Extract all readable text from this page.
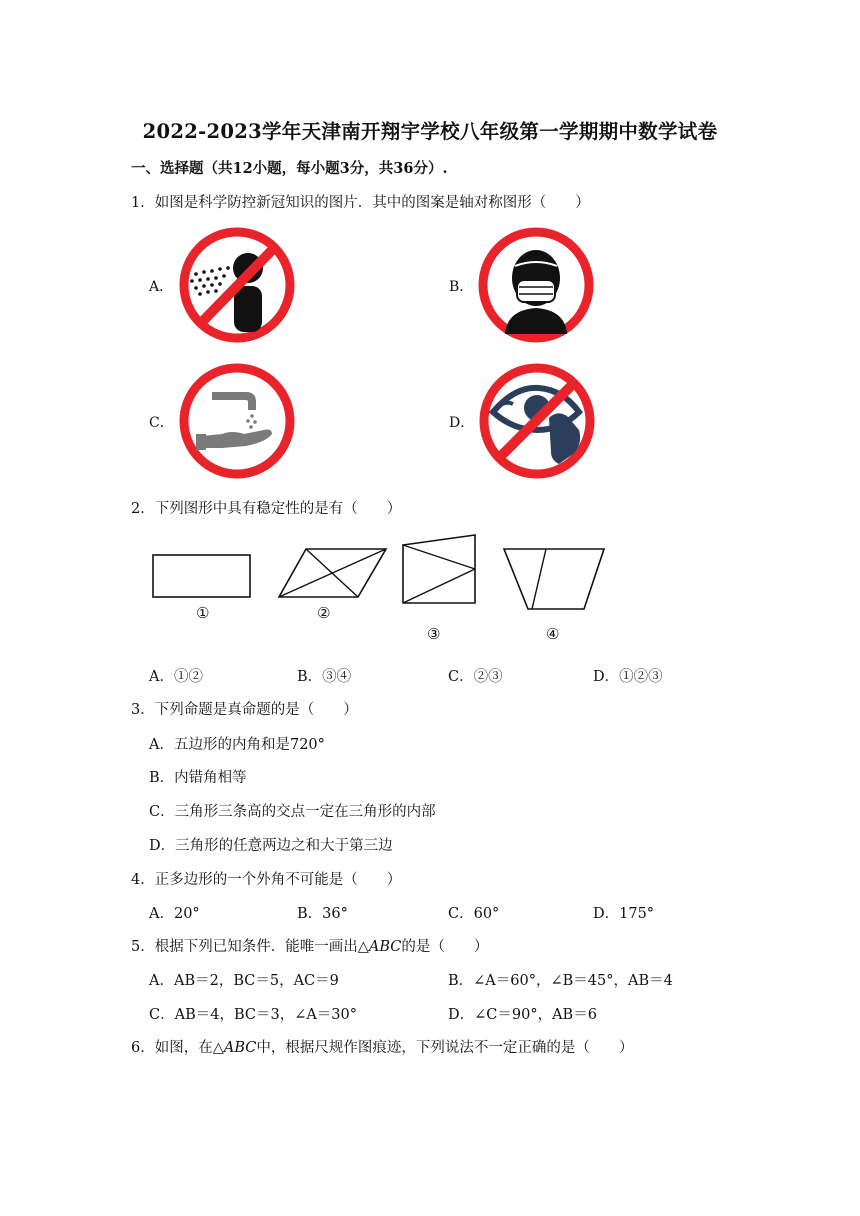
2022-2023学年天津南开翔宇学校八年级第一学期期中数学试卷
一、选择题（共12小题，每小题3分，共36分）.
1．如图是科学防控新冠知识的图片．其中的图案是轴对称图形（　　）
A．	B．
C．	D．
2．下列图形中具有稳定性的是有（　　）
①	②
③	④
A．①②	B．③④	C．②③	D．①②③
3．下列命题是真命题的是（　　）
A．五边形的内角和是720°
B．内错角相等
C．三角形三条高的交点一定在三角形的内部
D．三角形的任意两边之和大于第三边
4．正多边形的一个外角不可能是（　　）
A．20°	B．36°	C．60°	D．175°
5．根据下列已知条件．能唯一画出△ABC的是（　　）
A．AB＝2，BC＝5，AC＝9	B．∠A＝60°，∠B＝45°，AB＝4
C．AB＝4，BC＝3，∠A＝30°	D．∠C＝90°，AB＝6
6．如图，在△ABC中，根据尺规作图痕迹，下列说法不一定正确的是（　　）
